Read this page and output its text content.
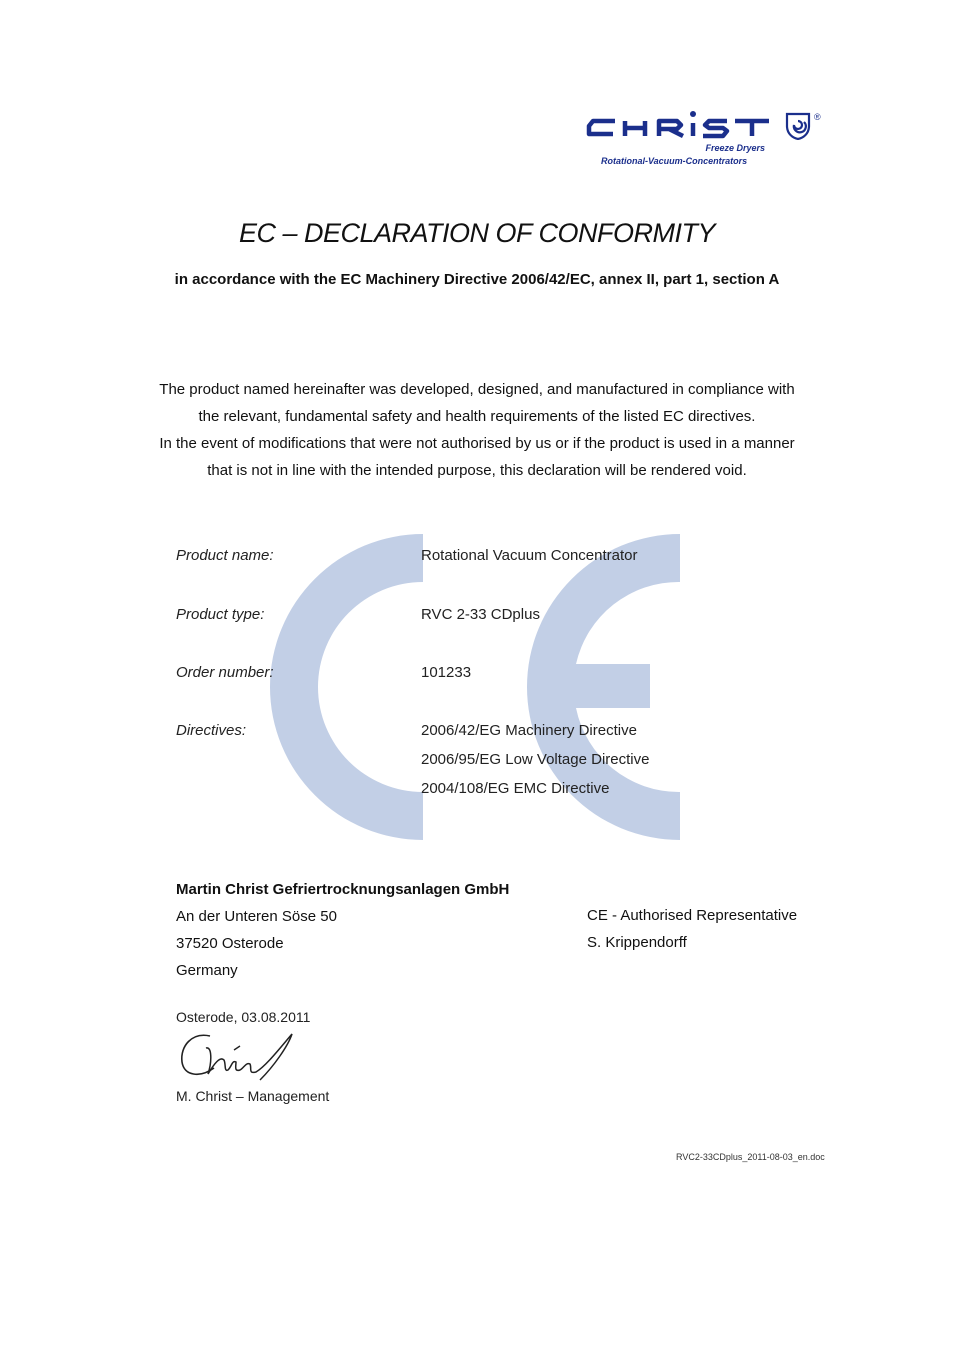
®
Freeze Dryers
Rotational-Vacuum-Concentrators
EC – DECLARATION OF CONFORMITY
in accordance with the EC Machinery Directive 2006/42/EC, annex II, part 1, section A
The product named hereinafter was developed, designed, and manufactured in compliance with
the relevant, fundamental safety and health requirements of the listed EC directives.
In the event of modifications that were not authorised by us or if the product is used in a manner
that is not in line with the intended purpose, this declaration will be rendered void.
Product name:	Rotational Vacuum Concentrator
Product type:	RVC 2-33 CDplus
Order number:	101233
Directives:	2006/42/EG Machinery Directive
2006/95/EG Low Voltage Directive
2004/108/EG EMC Directive
Martin Christ Gefriertrocknungsanlagen GmbH
An der Unteren Söse 50
37520 Osterode
Germany
CE - Authorised Representative
S. Krippendorff
Osterode, 03.08.2011
M. Christ – Management
RVC2-33CDplus_2011-08-03_en.doc
